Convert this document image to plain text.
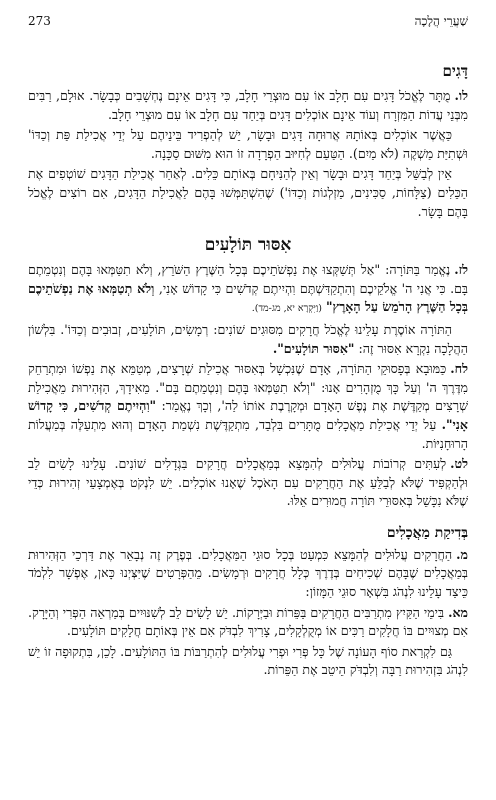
שַׁעֲרֵי הֲלָכָה
273
דָּגִים

לו.מֻתָּר לֶאֱכֹל דָּגִים עִם חָלָב אוֹ עִם מוּצְרֵי חָלָב, כִּי דָּגִים אֵינָם נֶחְשָׁבִים כְּבָשָׂר. אוּלָם, רַבִּים מִבְּנֵי עֲדוֹת הַמִּזְרָח וְעוֹד אֵינָם אוֹכְלִים דָּגִים בְּיַחַד עִם חָלָב אוֹ עִם מוּצְרֵי חָלָב.

כַּאֲשֶׁר אוֹכְלִים בְּאוֹתָהּ אֲרוּחָה דָּגִים וּבָשָׂר, יֵשׁ לְהַפְרִיד בֵּינֵיהֶם עַל יְדֵי אֲכִילַת פַּת וְכַדּוֹ' וּשְׁתִיַּת מַשְׁקֶה (לֹא מַיִם). הַטַּעַם לְחִיּוּב הַפְרָדָה זוֹ הוּא מִשּׁוּם סַכָּנָה.

אֵין לְבַשֵּׁל בְּיַחַד דָּגִים וּבָשָׂר וְאֵין לְהַנִּיחָם בְּאוֹתָם כֵּלִים. לְאַחַר אֲכִילַת הַדָּגִים שׁוֹטְפִים אֶת הַכֵּלִים (צַלָּחוֹת, סַכִּינִים, מַזְלְגוֹת וְכַדּוֹ') שֶׁהִשְׁתַּמְּשׁוּ בָּהֶם לַאֲכִילַת הַדָּגִים, אִם רוֹצִים לֶאֱכֹל בָּהֶם בָּשָׂר.

אִסּוּר תּוֹלָעִים

לז.נֶאֱמַר בַּתּוֹרָה: "אַל תְּשַׁקְּצוּ אֶת נַפְשֹׁתֵיכֶם בְּכָל הַשֶּׁרֶץ הַשֹּׁרֵץ, וְלֹא תִטַּמְּאוּ בָּהֶם וְנִטְמֵתֶם בָּם. כִּי אֲנִי ה' אֱלֹקֵיכֶם וְהִתְקַדִּשְׁתֶּם וִהְיִיתֶם קְדֹשִׁים כִּי קָדוֹשׁ אָנִי, וְלֹא תְטַמְּאוּ אֶת נַפְשֹׁתֵיכֶם בְּכָל הַשֶּׁרֶץ הָרֹמֵשׂ עַל הָאָרֶץ" (וַיִּקְרָא יא, מג-מד).

הַתּוֹרָה אוֹסֶרֶת עָלֵינוּ לֶאֱכֹל חֲרָקִים מִסּוּגִים שׁוֹנִים: רְמָשִׂים, תּוֹלָעִים, זְבוּבִים וְכַדּוֹ'. בִּלְשׁוֹן הַהֲלָכָה נִקְרָא אִסּוּר זֶה: "אִסּוּר תּוֹלָעִים".

לח.כַּמּוּבָא בְּפָסוּקֵי הַתּוֹרָה, אָדָם שֶׁנִּכְשָׁל בְּאִסּוּר אֲכִילַת שְׁרָצִים, מְטַמֵּא אֶת נַפְשׁוֹ וּמִתְרַחֵק מִדֶּרֶךְ ה' וְעַל כָּךְ מֻזְהָרִים אָנוּ: "וְלֹא תִטַּמְּאוּ בָּהֶם וְנִטְמֵתֶם בָּם". מֵאִידָךְ, הַזְּהִירוּת מֵאֲכִילַת שְׁרָצִים מְקַדֶּשֶׁת אֶת נֶפֶשׁ הָאָדָם וּמְקָרֶבֶת אוֹתוֹ לַה', וְכָךְ נֶאֱמַר: "וִהְיִיתֶם קְדֹשִׁים, כִּי קָדוֹשׁ אָנִי". עַל יְדֵי אֲכִילַת מַאֲכָלִים מֻתָּרִים בִּלְבַד, מִתְקַדֶּשֶׁת נִשְׁמַת הָאָדָם וְהוּא מִתְעַלֶּה בְּמַעֲלוֹת הָרוּחָנִיּוֹת.

לט.לְעִתִּים קְרוֹבוֹת עֲלוּלִים לְהִמָּצֵא בְּמַאֲכָלִים חֲרָקִים בִּגְדָלִים שׁוֹנִים. עָלֵינוּ לָשִׂים לֵב וּלְהַקְפִּיד שֶׁלֹּא לְבַלֵּעַ אֶת הַחֲרָקִים עִם הָאֹכֶל שֶׁאָנוּ אוֹכְלִים. יֵשׁ לִנְקֹט בְּאֶמְצָעֵי זְהִירוּת כְּדֵי שֶׁלֹּא נִכָּשֵׁל בְּאִסּוּרֵי תּוֹרָה חֲמוּרִים אֵלּוּ.

בְּדִיקַת מַאֲכָלִים

מ.הַחֲרָקִים עֲלוּלִים לְהִמָּצֵא כִּמְעַט בְּכָל סוּגֵי הַמַּאֲכָלִים. בְּפֶרֶק זֶה נְבָאֵר אֶת דַּרְכֵי הַזְּהִירוּת בְּמַאֲכָלִים שֶׁבָּהֶם שְׁכִיחִים בְּדֶרֶךְ כְּלָל חֲרָקִים וּרְמָשִׂים. מֵהַפְּרָטִים שֶׁיִּצְּיְנוּ כָּאן, אֶפְשָׁר לִלְמֹד כֵּיצַד עָלֵינוּ לִנְהֹג בִּשְׁאָר סוּגֵי הַמָּזוֹן:

מא.בִּימֵי הַקַּיִץ מִתְרַבִּים הַחֲרָקִים בַּפֵּרוֹת וּבַיְּרָקוֹת. יֵשׁ לָשִׂים לֵב לְשִׁנּוּיִים בְּמַרְאֵה הַפְּרִי וְהַיָּרָק. אִם מְצוּיִים בּוֹ חֲלָקִים רַכִּים אוֹ מְקֻלְקָלִים, צָרִיךְ לִבְדֹּק אִם אֵין בְּאוֹתָם חֲלָקִים תּוֹלָעִים.

גַּם לִקְרַאת סוֹף הָעוֹנָה שֶׁל כָּל פְּרִי וּפְרִי עֲלוּלִים לְהִתְרַבּוֹת בּוֹ הַתּוֹלָעִים. לָכֵן, בִּתְקוּפָה זוֹ יֵשׁ לִנְהֹג בִּזְהִירוּת רַבָּה וְלִבְדֹּק הֵיטֵב אֶת הַפֵּרוֹת.
